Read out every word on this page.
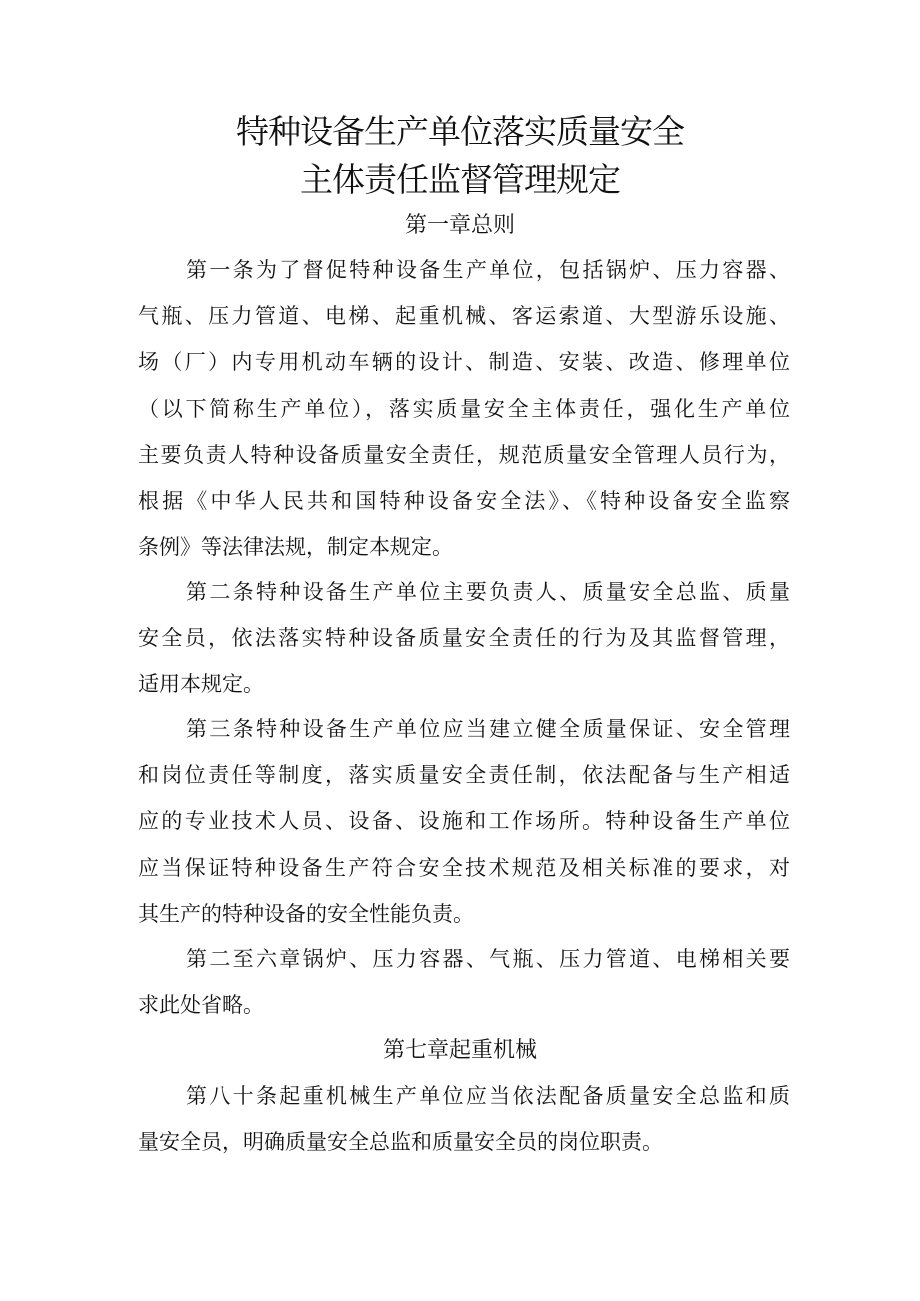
特种设备生产单位落实质量安全
主体责任监督管理规定
第一章总则
第一条为了督促特种设备生产单位，包括锅炉、压力容器、
气瓶、压力管道、电梯、起重机械、客运索道、大型游乐设施、
场（厂）内专用机动车辆的设计、制造、安装、改造、修理单位
（以下简称生产单位），落实质量安全主体责任，强化生产单位
主要负责人特种设备质量安全责任，规范质量安全管理人员行为，
根据《中华人民共和国特种设备安全法》、《特种设备安全监察
条例》等法律法规，制定本规定。
第二条特种设备生产单位主要负责人、质量安全总监、质量
安全员，依法落实特种设备质量安全责任的行为及其监督管理，
适用本规定。
第三条特种设备生产单位应当建立健全质量保证、安全管理
和岗位责任等制度，落实质量安全责任制，依法配备与生产相适
应的专业技术人员、设备、设施和工作场所。特种设备生产单位
应当保证特种设备生产符合安全技术规范及相关标准的要求，对
其生产的特种设备的安全性能负责。
第二至六章锅炉、压力容器、气瓶、压力管道、电梯相关要
求此处省略。
第七章起重机械
第八十条起重机械生产单位应当依法配备质量安全总监和质
量安全员，明确质量安全总监和质量安全员的岗位职责。
